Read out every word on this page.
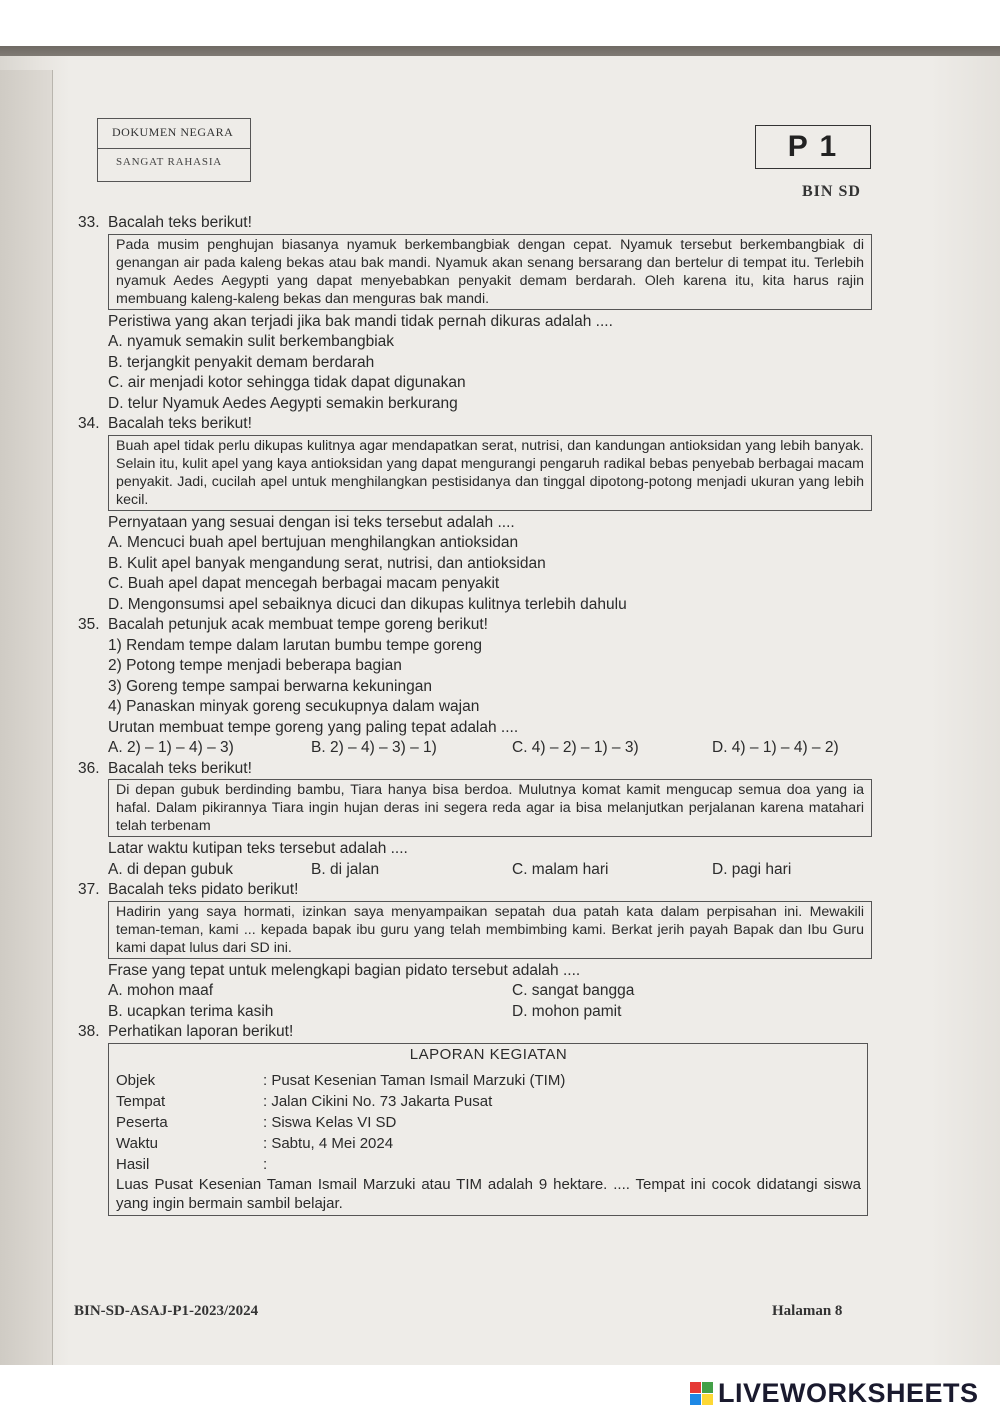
DOKUMEN NEGARA
SANGAT RAHASIA	P 1
BIN SD
33. Bacalah teks berikut!
Pada musim penghujan biasanya nyamuk berkembangbiak dengan cepat. Nyamuk tersebut berkembangbiak di genangan air pada kaleng bekas atau bak mandi. Nyamuk akan senang bersarang dan bertelur di tempat itu. Terlebih nyamuk Aedes Aegypti yang dapat menyebabkan penyakit demam berdarah. Oleh karena itu, kita harus rajin membuang kaleng-kaleng bekas dan menguras bak mandi.
Peristiwa yang akan terjadi jika bak mandi tidak pernah dikuras adalah ....
A. nyamuk semakin sulit berkembangbiak
B. terjangkit penyakit demam berdarah
C. air menjadi kotor sehingga tidak dapat digunakan
D. telur Nyamuk Aedes Aegypti semakin berkurang
34. Bacalah teks berikut!
Buah apel tidak perlu dikupas kulitnya agar mendapatkan serat, nutrisi, dan kandungan antioksidan yang lebih banyak. Selain itu, kulit apel yang kaya antioksidan yang dapat mengurangi pengaruh radikal bebas penyebab berbagai macam penyakit. Jadi, cucilah apel untuk menghilangkan pestisidanya dan tinggal dipotong-potong menjadi ukuran yang lebih kecil.
Pernyataan yang sesuai dengan isi teks tersebut adalah ....
A. Mencuci buah apel bertujuan menghilangkan antioksidan
B. Kulit apel banyak mengandung serat, nutrisi, dan antioksidan
C. Buah apel dapat mencegah berbagai macam penyakit
D. Mengonsumsi apel sebaiknya dicuci dan dikupas kulitnya terlebih dahulu
35. Bacalah petunjuk acak membuat tempe goreng berikut!
1) Rendam tempe dalam larutan bumbu tempe goreng
2) Potong tempe menjadi beberapa bagian
3) Goreng tempe sampai berwarna kekuningan
4) Panaskan minyak goreng secukupnya dalam wajan
Urutan membuat tempe goreng yang paling tepat adalah ....
A. 2) – 1) – 4) – 3)	B. 2) – 4) – 3) – 1)	C. 4) – 2) – 1) – 3)	D. 4) – 1) – 4) – 2)
36. Bacalah teks berikut!
Di depan gubuk berdinding bambu, Tiara hanya bisa berdoa. Mulutnya komat kamit mengucap semua doa yang ia hafal. Dalam pikirannya Tiara ingin hujan deras ini segera reda agar ia bisa melanjutkan perjalanan karena matahari telah terbenam
Latar waktu kutipan teks tersebut adalah ....
A. di depan gubuk	B. di jalan	C. malam hari	D. pagi hari
37. Bacalah teks pidato berikut!
Hadirin yang saya hormati, izinkan saya menyampaikan sepatah dua patah kata dalam perpisahan ini. Mewakili teman-teman, kami ... kepada bapak ibu guru yang telah membimbing kami. Berkat jerih payah Bapak dan Ibu Guru kami dapat lulus dari SD ini.
Frase yang tepat untuk melengkapi bagian pidato tersebut adalah ....
A. mohon maaf	C. sangat bangga
B. ucapkan terima kasih	D. mohon pamit
38. Perhatikan laporan berikut!
LAPORAN KEGIATAN
Objek	: Pusat Kesenian Taman Ismail Marzuki (TIM)
Tempat	: Jalan Cikini No. 73 Jakarta Pusat
Peserta	: Siswa Kelas VI SD
Waktu	: Sabtu, 4 Mei 2024
Hasil	:
Luas Pusat Kesenian Taman Ismail Marzuki atau TIM adalah 9 hektare. .... Tempat ini cocok didatangi siswa yang ingin bermain sambil belajar.
BIN-SD-ASAJ-P1-2023/2024	Halaman 8
LIVEWORKSHEETS
